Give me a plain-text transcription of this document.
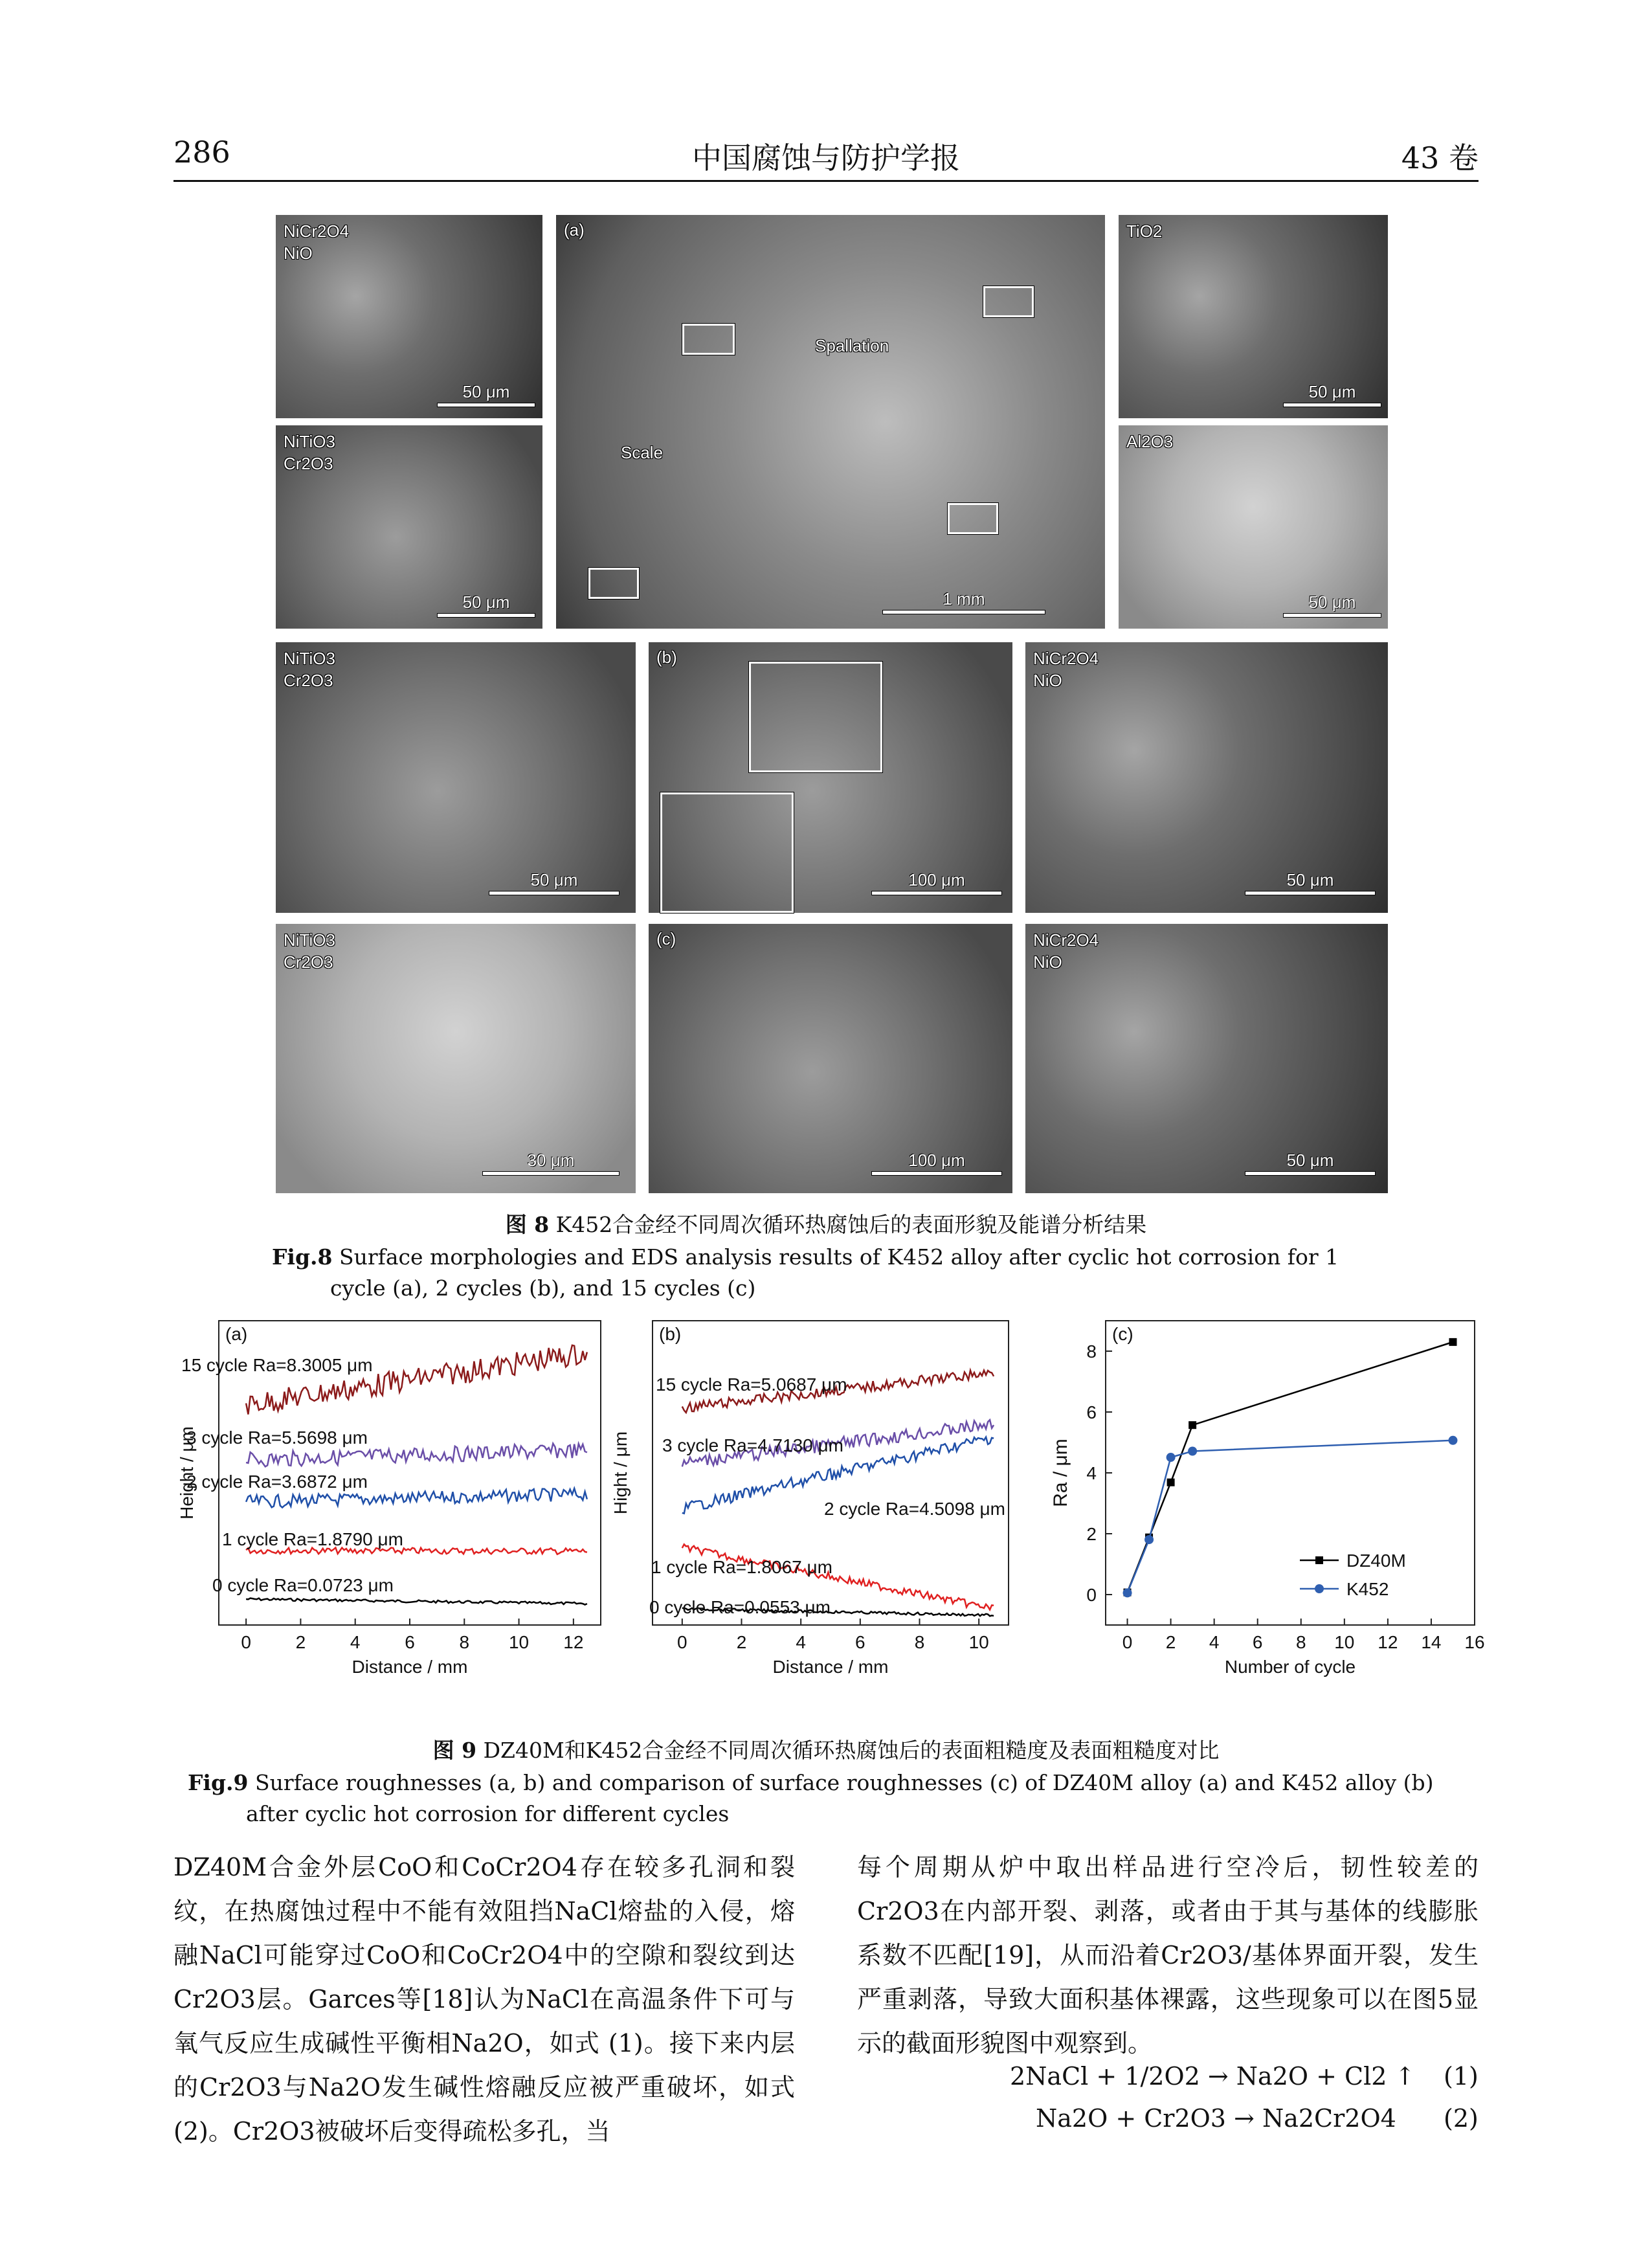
286	中国腐蚀与防护学报	43 卷
NiCr2O4
NiO
50 μm
NiTiO3
Cr2O3
50 μm
(a)
Spallation
Scale
1 mm
TiO2
50 μm
Al2O3
50 μm
NiTiO3
Cr2O3
50 μm
(b)
100 μm
NiCr2O4
NiO
50 μm
NiTiO3
Cr2O3
30 μm
(c)
100 μm
NiCr2O4
NiO
50 μm
图 8 K452合金经不同周次循环热腐蚀后的表面形貌及能谱分析结果
Fig.8 Surface morphologies and EDS analysis results of K452 alloy after cyclic hot corrosion for 1 cycle (a), 2 cycles (b), and 15 cycles (c)
0 2 4 6 8 10 12
Distance / mm
Height / μm
(a)
0 cycle Ra=0.0723 μm
1 cycle Ra=1.8790 μm
2 cycle Ra=3.6872 μm
3 cycle Ra=5.5698 μm
15 cycle Ra=8.3005 μm
0	2	4	6	8 10
Distance / mm
Hight / μm
(b)
0 cycle Ra=0.0553 μm
1 cycle Ra=1.8067 μm
2 cycle Ra=4.5098 μm
3 cycle Ra=4.7130 μm
15 cycle Ra=5.0687 μm
0 2 4 6 8 10 12 14 16
0
2
4
6
8
Number of cycle
Ra / μm
(c)
DZ40M
K452
图 9 DZ40M和K452合金经不同周次循环热腐蚀后的表面粗糙度及表面粗糙度对比
Fig.9 Surface roughnesses (a, b) and comparison of surface roughnesses (c) of DZ40M alloy (a) and K452 alloy (b) after cyclic hot corrosion for different cycles
DZ40M合金外层CoO和CoCr2O4存在较多孔洞和裂纹，在热腐蚀过程中不能有效阻挡NaCl熔盐的入侵，熔融NaCl可能穿过CoO和CoCr2O4中的空隙和裂纹到达Cr2O3层。Garces等[18]认为NaCl在高温条件下可与氧气反应生成碱性平衡相Na2O，如式 (1)。接下来内层的Cr2O3与Na2O发生碱性熔融反应被严重破坏，如式 (2)。Cr2O3被破坏后变得疏松多孔，当
每个周期从炉中取出样品进行空冷后，韧性较差的Cr2O3在内部开裂、剥落，或者由于其与基体的线膨胀系数不匹配[19]，从而沿着Cr2O3/基体界面开裂，发生严重剥落，导致大面积基体裸露，这些现象可以在图5显示的截面形貌图中观察到。
2NaCl + 1/2O2 → Na2O + Cl2 ↑ (1)
Na2O + Cr2O3 → Na2Cr2O4 (2)
